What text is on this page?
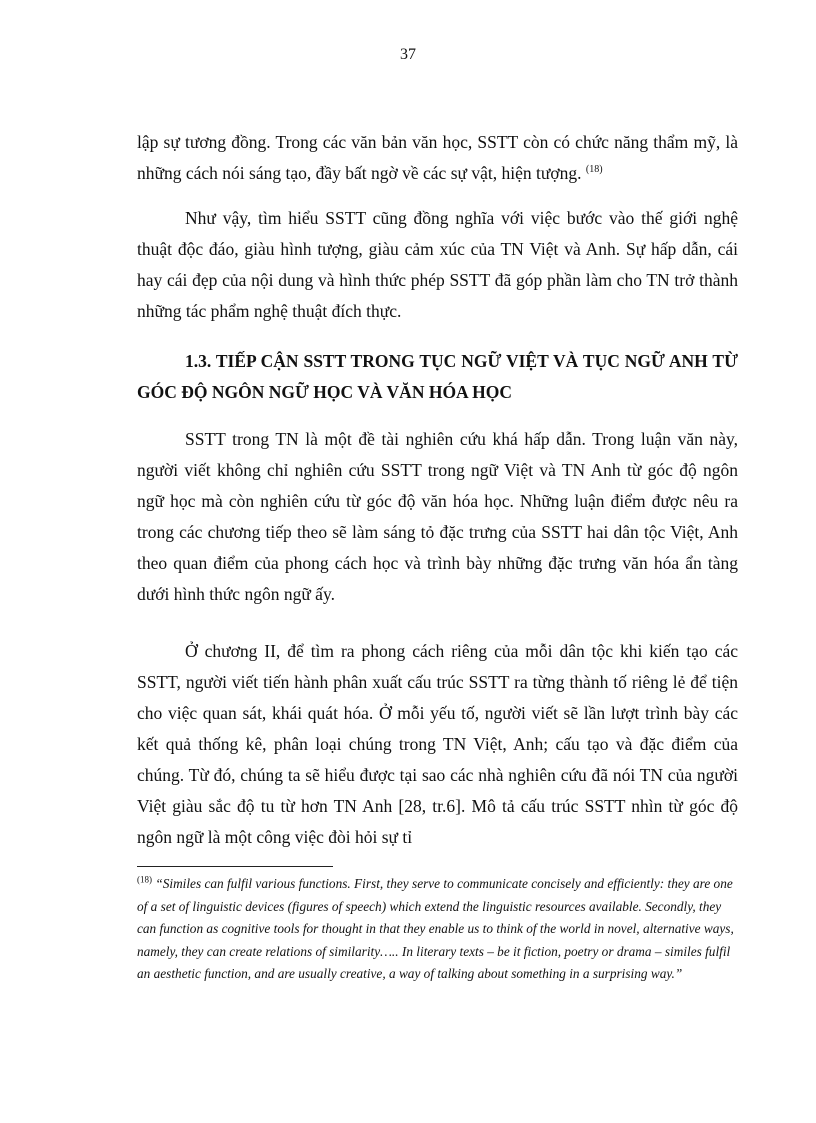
37

lập sự tương đồng. Trong các văn bản văn học, SSTT còn có chức năng thẩm mỹ, là những cách nói sáng tạo, đầy bất ngờ về các sự vật, hiện tượng. $^{(18)}$

Như vậy, tìm hiểu SSTT cũng đồng nghĩa với việc bước vào thế giới nghệ thuật độc đáo, giàu hình tượng, giàu cảm xúc của TN Việt và Anh. Sự hấp dẫn, cái hay cái đẹp của nội dung và hình thức phép SSTT đã góp phần làm cho TN trở thành những tác phẩm nghệ thuật đích thực.

1.3. TIẾP CẬN SSTT TRONG TỤC NGỮ VIỆT VÀ TỤC NGỮ ANH TỪ GÓC ĐỘ NGÔN NGỮ HỌC VÀ VĂN HÓA HỌC

SSTT trong TN là một đề tài nghiên cứu khá hấp dẫn. Trong luận văn này, người viết không chỉ nghiên cứu SSTT trong ngữ Việt và TN Anh từ góc độ ngôn ngữ học mà còn nghiên cứu từ góc độ văn hóa học. Những luận điểm được nêu ra trong các chương tiếp theo sẽ làm sáng tỏ đặc trưng của SSTT hai dân tộc Việt, Anh theo quan điểm của phong cách học và trình bày những đặc trưng văn hóa ẩn tàng dưới hình thức ngôn ngữ ấy.

Ở chương II, để tìm ra phong cách riêng của mỗi dân tộc khi kiến tạo các SSTT, người viết tiến hành phân xuất cấu trúc SSTT ra từng thành tố riêng lẻ để tiện cho việc quan sát, khái quát hóa. Ở mỗi yếu tố, người viết sẽ lần lượt trình bày các kết quả thống kê, phân loại chúng trong TN Việt, Anh; cấu tạo và đặc điểm của chúng. Từ đó, chúng ta sẽ hiểu được tại sao các nhà nghiên cứu đã nói TN của người Việt giàu sắc độ tu từ hơn TN Anh [28, tr.6]. Mô tả cấu trúc SSTT nhìn từ góc độ ngôn ngữ là một công việc đòi hỏi sự tỉ

$^{(18)}$ “Similes can fulfil various functions. First, they serve to communicate concisely and efficiently: they are one of a set of linguistic devices (figures of speech) which extend the linguistic resources available. Secondly, they can function as cognitive tools for thought in that they enable us to think of the world in novel, alternative ways, namely, they can create relations of similarity….. In literary texts – be it fiction, poetry or drama – similes fulfil an aesthetic function, and are usually creative, a way of talking about something in a surprising way.”
